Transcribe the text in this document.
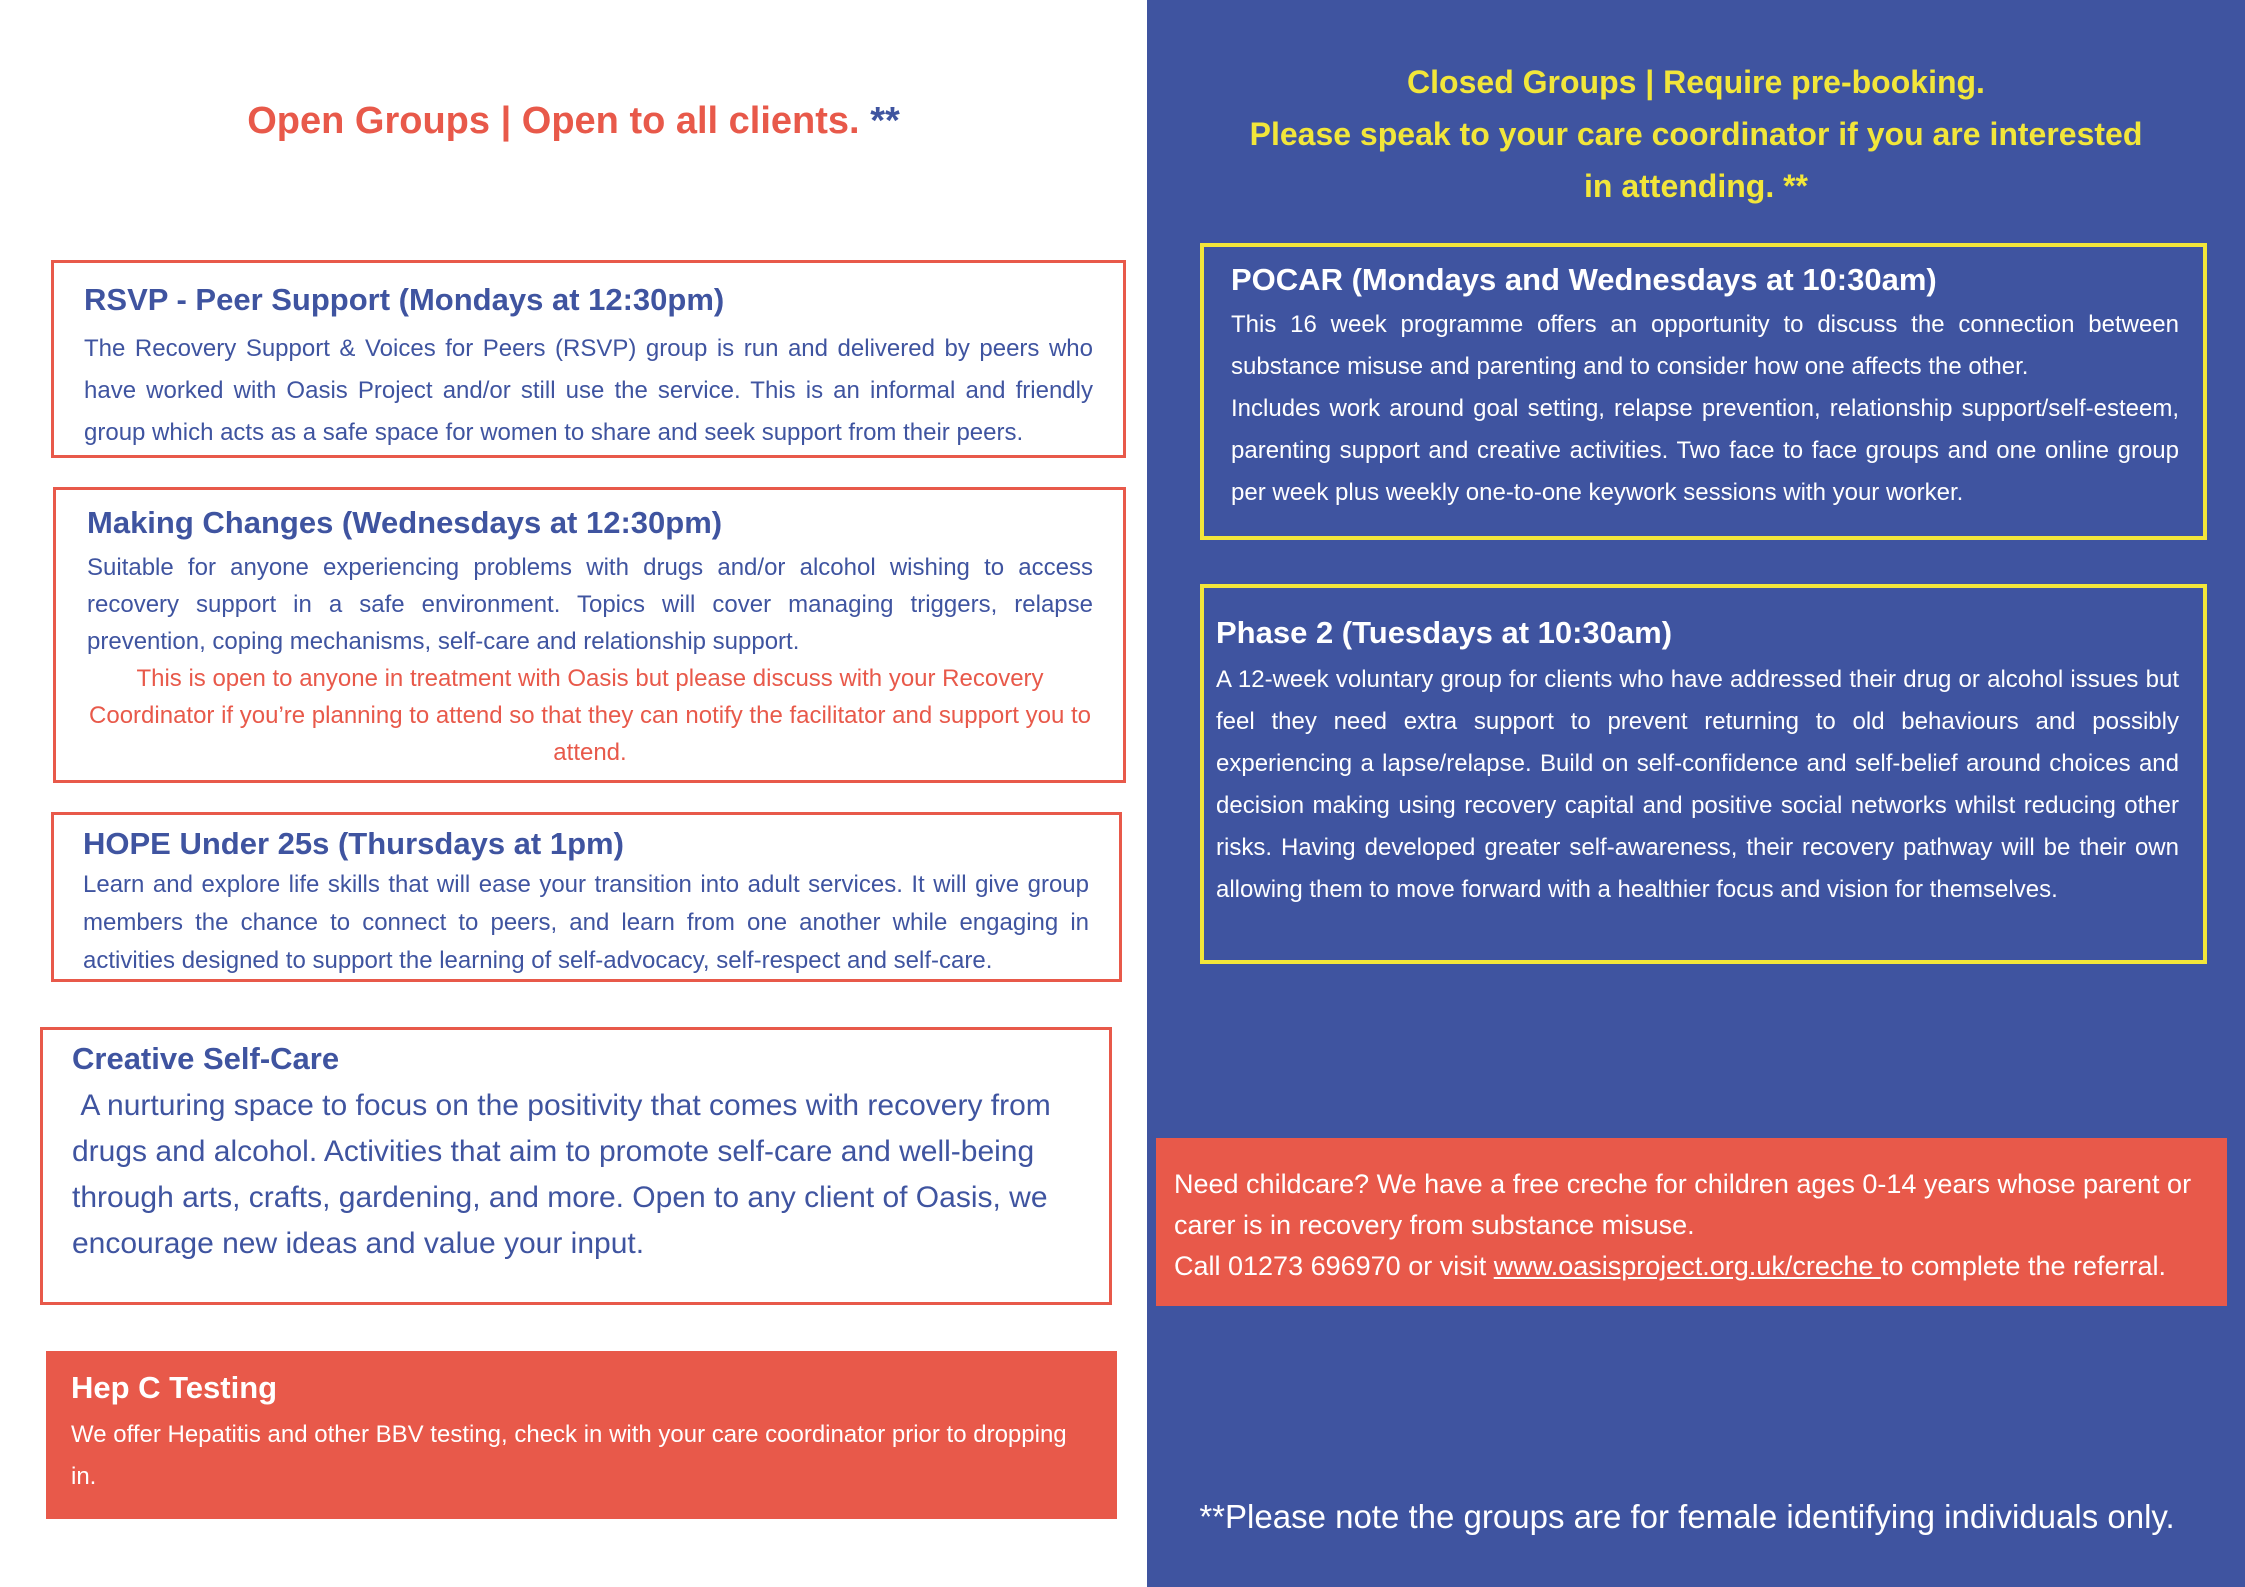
Open Groups | Open to all clients. **

RSVP - Peer Support (Mondays at 12:30pm)

The Recovery Support & Voices for Peers (RSVP) group is run and delivered by peers who have worked with Oasis Project and/or still use the service. This is an informal and friendly group which acts as a safe space for women to share and seek support from their peers.

Making Changes (Wednesdays at 12:30pm)

Suitable for anyone experiencing problems with drugs and/or alcohol wishing to access recovery support in a safe environment. Topics will cover managing triggers, relapse prevention, coping mechanisms, self-care and relationship support.

This is open to anyone in treatment with Oasis but please discuss with your Recovery Coordinator if you’re planning to attend so that they can notify the facilitator and support you to attend.

HOPE Under 25s (Thursdays at 1pm)

Learn and explore life skills that will ease your transition into adult services. It will give group members the chance to connect to peers, and learn from one another while engaging in activities designed to support the learning of self-advocacy, self-respect and self-care.

Creative Self-Care

A nurturing space to focus on the positivity that comes with recovery from drugs and alcohol. Activities that aim to promote self-care and well-being through arts, crafts, gardening, and more. Open to any client of Oasis, we encourage new ideas and value your input.

Hep C Testing

We offer Hepatitis and other BBV testing, check in with your care coordinator prior to dropping in.

Closed Groups | Require pre-booking.
Please speak to your care coordinator if you are interested in attending. **

POCAR (Mondays and Wednesdays at 10:30am)

This 16 week programme offers an opportunity to discuss the connection between substance misuse and parenting and to consider how one affects the other.

Includes work around goal setting, relapse prevention, relationship support/self-esteem, parenting support and creative activities. Two face to face groups and one online group per week plus weekly one-to-one keywork sessions with your worker.

Phase 2 (Tuesdays at 10:30am)

A 12-week voluntary group for clients who have addressed their drug or alcohol issues but feel they need extra support to prevent returning to old behaviours and possibly experiencing a lapse/relapse. Build on self-confidence and self-belief around choices and decision making using recovery capital and positive social networks whilst reducing other risks. Having developed greater self-awareness, their recovery pathway will be their own allowing them to move forward with a healthier focus and vision for themselves.

Need childcare? We have a free creche for children ages 0-14 years whose parent or carer is in recovery from substance misuse.
Call 01273 696970 or visit www.oasisproject.org.uk/creche to complete the referral.
**Please note the groups are for female identifying individuals only.
